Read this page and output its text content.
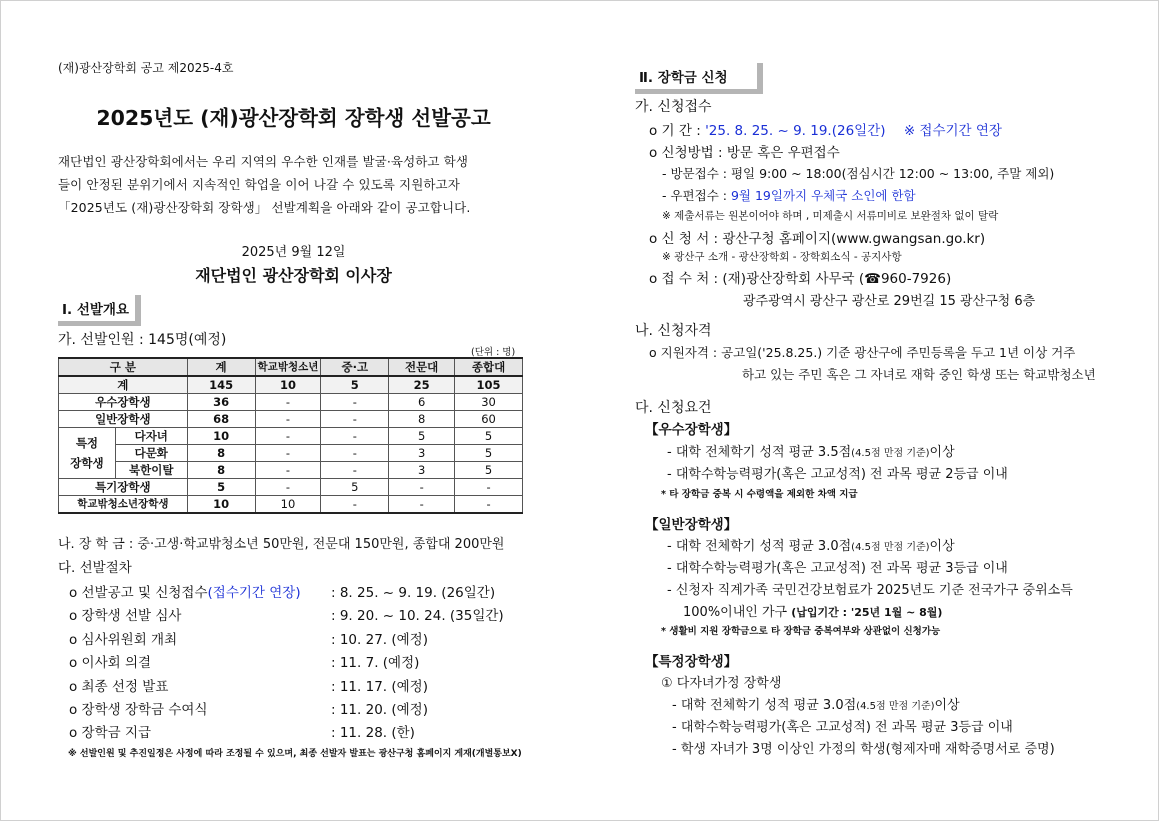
(재)광산장학회 공고 제2025-4호
2025년도 (재)광산장학회 장학생 선발공고
재단법인 광산장학회에서는 우리 지역의 우수한 인재를 발굴·육성하고 학생
들이 안정된 분위기에서 지속적인 학업을 이어 나갈 수 있도록 지원하고자
「2025년도 (재)광산장학회 장학생」 선발계획을 아래와 같이 공고합니다.
2025년 9월 12일
재단법인 광산장학회 이사장
Ⅰ. 선발개요
가. 선발인원 : 145명(예정)
(단위 : 명)
구 분		계	학교밖청소년	중·고	전문대	종합대
계		145	10	5	25	105
우수장학생		36	-	-	6	30
일반장학생		68	-	-	8	60
특정
장학생	다자녀	10	-	-	5	5
	다문화	8	-	-	3	5
	북한이탈	8	-	-	3	5
특기장학생		5	-	5	-	-
학교밖청소년장학생		10	10	-	-	-
나. 장 학 금 : 중·고생·학교밖청소년 50만원, 전문대 150만원, 종합대 200만원
다. 선발절차
o 선발공고 및 신청접수(접수기간 연장) : 8. 25. ~ 9. 19. (26일간)
o 장학생 선발 심사	: 9. 20. ~ 10. 24. (35일간)
o 심사위원회 개최	: 10. 27. (예정)
o 이사회 의결	: 11. 7. (예정)
o 최종 선정 발표	: 11. 17. (예정)
o 장학생 장학금 수여식	: 11. 20. (예정)
o 장학금 지급	: 11. 28. (한)
※ 선발인원 및 추진일정은 사정에 따라 조정될 수 있으며, 최종 선발자 발표는 광산구청 홈페이지 게재(개별통보X)
Ⅱ. 장학금 신청
가. 신청접수
o 기 간 : '25. 8. 25. ~ 9. 19.(26일간) ※ 접수기간 연장
o 신청방법 : 방문 혹은 우편접수
- 방문접수 : 평일 9:00 ~ 18:00(점심시간 12:00 ~ 13:00, 주말 제외)
- 우편접수 : 9월 19일까지 우체국 소인에 한함
※ 제출서류는 원본이어야 하며 , 미제출시 서류미비로 보완절차 없이 탈락
o 신 청 서 : 광산구청 홈페이지(www.gwangsan.go.kr)
※ 광산구 소개 - 광산장학회 - 장학회소식 - 공지사항
o 접 수 처 : (재)광산장학회 사무국 (☎960-7926)
광주광역시 광산구 광산로 29번길 15 광산구청 6층
나. 신청자격
o 지원자격 : 공고일('25.8.25.) 기준 광산구에 주민등록을 두고 1년 이상 거주
하고 있는 주민 혹은 그 자녀로 재학 중인 학생 또는 학교밖청소년
다. 신청요건
【우수장학생】
- 대학 전체학기 성적 평균 3.5점(4.5점 만점 기준)이상
- 대학수학능력평가(혹은 고교성적) 전 과목 평균 2등급 이내
* 타 장학금 중복 시 수령액을 제외한 차액 지급
【일반장학생】
- 대학 전체학기 성적 평균 3.0점(4.5점 만점 기준)이상
- 대학수학능력평가(혹은 고교성적) 전 과목 평균 3등급 이내
- 신청자 직계가족 국민건강보험료가 2025년도 기준 전국가구 중위소득
100%이내인 가구 (납입기간 : '25년 1월 ~ 8월)
* 생활비 지원 장학금으로 타 장학금 중복여부와 상관없이 신청가능
【특정장학생】
① 다자녀가정 장학생
- 대학 전체학기 성적 평균 3.0점(4.5점 만점 기준)이상
- 대학수학능력평가(혹은 고교성적) 전 과목 평균 3등급 이내
- 학생 자녀가 3명 이상인 가정의 학생(형제자매 재학증명서로 증명)
